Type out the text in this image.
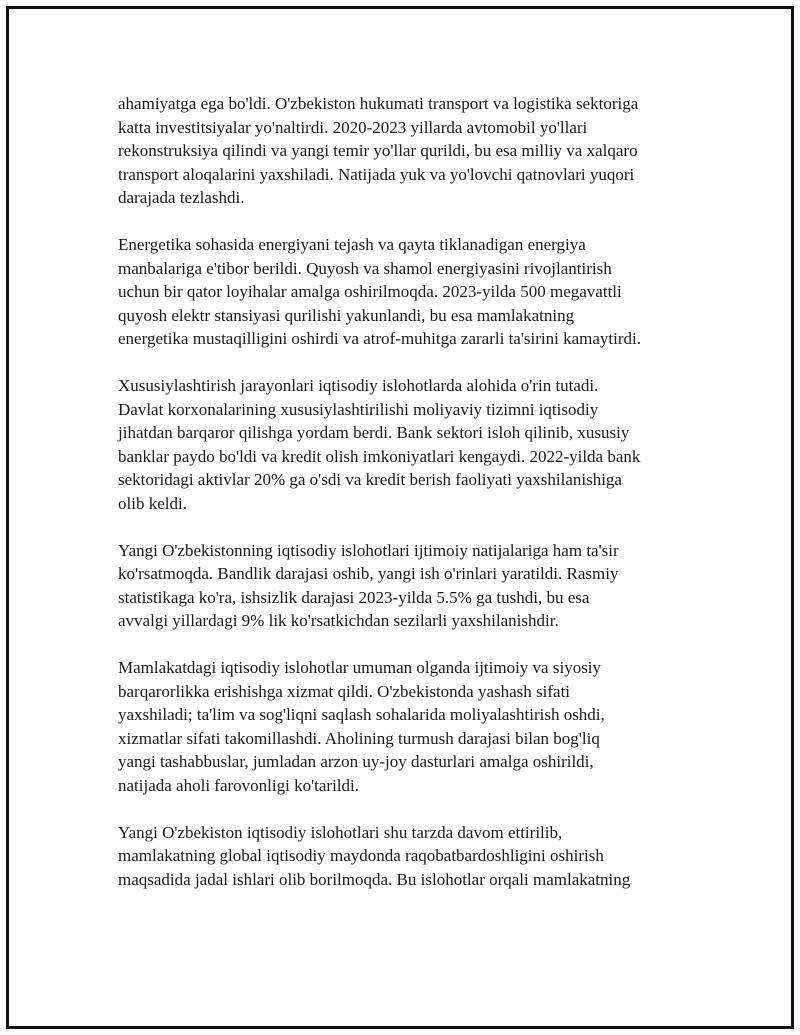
ahamiyatga ega bo'ldi. O'zbekiston hukumati transport va logistika sektoriga
katta investitsiyalar yo'naltirdi. 2020-2023 yillarda avtomobil yo'llari
rekonstruksiya qilindi va yangi temir yo'llar qurildi, bu esa milliy va xalqaro
transport aloqalarini yaxshiladi. Natijada yuk va yo'lovchi qatnovlari yuqori
darajada tezlashdi.
Energetika sohasida energiyani tejash va qayta tiklanadigan energiya
manbalariga e'tibor berildi. Quyosh va shamol energiyasini rivojlantirish
uchun bir qator loyihalar amalga oshirilmoqda. 2023-yilda 500 megavattli
quyosh elektr stansiyasi qurilishi yakunlandi, bu esa mamlakatning
energetika mustaqilligini oshirdi va atrof-muhitga zararli ta'sirini kamaytirdi.
Xususiylashtirish jarayonlari iqtisodiy islohotlarda alohida o'rin tutadi.
Davlat korxonalarining xususiylashtirilishi moliyaviy tizimni iqtisodiy
jihatdan barqaror qilishga yordam berdi. Bank sektori isloh qilinib, xususiy
banklar paydo bo'ldi va kredit olish imkoniyatlari kengaydi. 2022-yilda bank
sektoridagi aktivlar 20% ga o'sdi va kredit berish faoliyati yaxshilanishiga
olib keldi.
Yangi O'zbekistonning iqtisodiy islohotlari ijtimoiy natijalariga ham ta'sir
ko'rsatmoqda. Bandlik darajasi oshib, yangi ish o'rinlari yaratildi. Rasmiy
statistikaga ko'ra, ishsizlik darajasi 2023-yilda 5.5% ga tushdi, bu esa
avvalgi yillardagi 9% lik ko'rsatkichdan sezilarli yaxshilanishdir.
Mamlakatdagi iqtisodiy islohotlar umuman olganda ijtimoiy va siyosiy
barqarorlikka erishishga xizmat qildi. O'zbekistonda yashash sifati
yaxshiladi; ta'lim va sog'liqni saqlash sohalarida moliyalashtirish oshdi,
xizmatlar sifati takomillashdi. Aholining turmush darajasi bilan bog'liq
yangi tashabbuslar, jumladan arzon uy-joy dasturlari amalga oshirildi,
natijada aholi farovonligi ko'tarildi.
Yangi O'zbekiston iqtisodiy islohotlari shu tarzda davom ettirilib,
mamlakatning global iqtisodiy maydonda raqobatbardoshligini oshirish
maqsadida jadal ishlari olib borilmoqda. Bu islohotlar orqali mamlakatning
